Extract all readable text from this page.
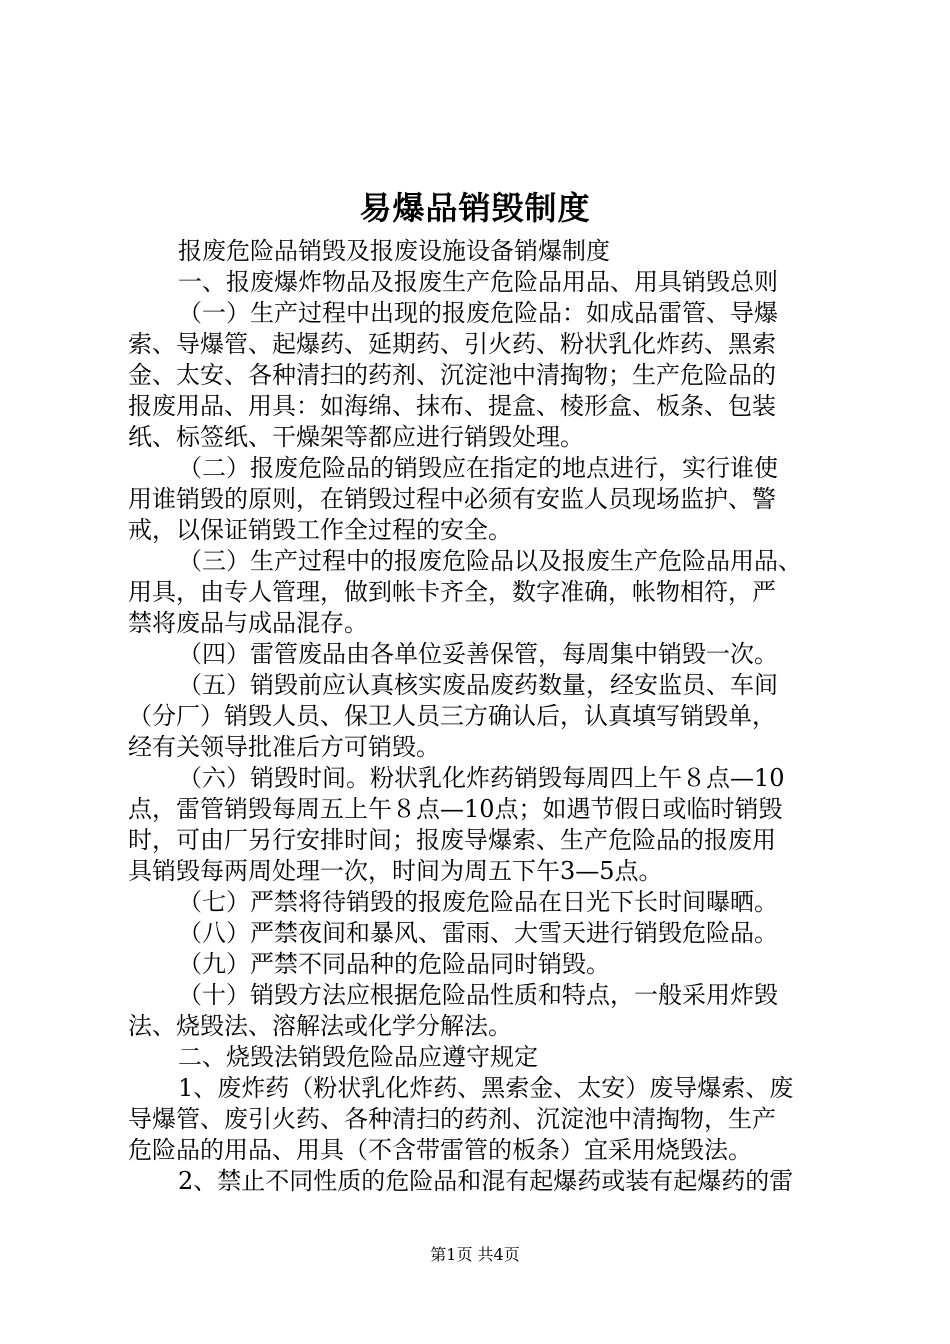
易爆品销毁制度
报废危险品销毁及报废设施设备销爆制度
一、报废爆炸物品及报废生产危险品用品、用具销毁总则
（一）生产过程中出现的报废危险品：如成品雷管、导爆
索、导爆管、起爆药、延期药、引火药、粉状乳化炸药、黑索
金、太安、各种清扫的药剂、沉淀池中清掏物；生产危险品的
报废用品、用具：如海绵、抹布、提盒、棱形盒、板条、包装
纸、标签纸、干燥架等都应进行销毁处理。
（二）报废危险品的销毁应在指定的地点进行，实行谁使
用谁销毁的原则，在销毁过程中必须有安监人员现场监护、警
戒，以保证销毁工作全过程的安全。
（三）生产过程中的报废危险品以及报废生产危险品用品、
用具，由专人管理，做到帐卡齐全，数字准确，帐物相符，严
禁将废品与成品混存。
（四）雷管废品由各单位妥善保管，每周集中销毁一次。
（五）销毁前应认真核实废品废药数量，经安监员、车间
（分厂）销毁人员、保卫人员三方确认后，认真填写销毁单，
经有关领导批准后方可销毁。
（六）销毁时间。粉状乳化炸药销毁每周四上午８点—10
点，雷管销毁每周五上午８点—10点；如遇节假日或临时销毁
时，可由厂另行安排时间；报废导爆索、生产危险品的报废用
具销毁每两周处理一次，时间为周五下午3—5点。
（七）严禁将待销毁的报废危险品在日光下长时间曝晒。
（八）严禁夜间和暴风、雷雨、大雪天进行销毁危险品。
（九）严禁不同品种的危险品同时销毁。
（十）销毁方法应根据危险品性质和特点，一般采用炸毁
法、烧毁法、溶解法或化学分解法。
二、烧毁法销毁危险品应遵守规定
1、废炸药（粉状乳化炸药、黑索金、太安）废导爆索、废
导爆管、废引火药、各种清扫的药剂、沉淀池中清掏物，生产
危险品的用品、用具（不含带雷管的板条）宜采用烧毁法。
2、禁止不同性质的危险品和混有起爆药或装有起爆药的雷
第1页 共4页
